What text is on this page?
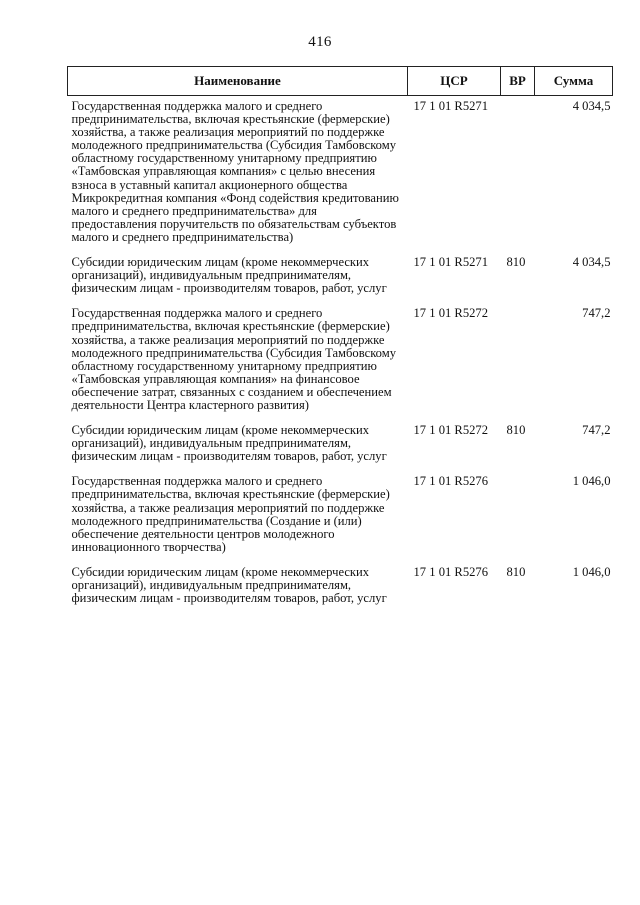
416
Наименование	ЦСР	ВР	Сумма
Государственная поддержка малого и среднего предпринимательства, включая крестьянские (фермерские) хозяйства, а также реализация мероприятий по поддержке молодежного предпринимательства (Субсидия Тамбовскому областному государственному унитарному предприятию «Тамбовская управляющая компания» с целью внесения взноса в уставный капитал акционерного общества Микрокредитная компания «Фонд содействия кредитованию малого и среднего предпринимательства» для предоставления поручительств по обязательствам субъектов малого и среднего предпринимательства)	17 1 01 R5271		4 034,5
Субсидии юридическим лицам (кроме некоммерческих организаций), индивидуальным предпринимателям, физическим лицам - производителям товаров, работ, услуг	17 1 01 R5271	810	4 034,5
Государственная поддержка малого и среднего предпринимательства, включая крестьянские (фермерские) хозяйства, а также реализация мероприятий по поддержке молодежного предпринимательства (Субсидия Тамбовскому областному государственному унитарному предприятию «Тамбовская управляющая компания» на финансовое обеспечение затрат, связанных с созданием и обеспечением деятельности Центра кластерного развития)	17 1 01 R5272		747,2
Субсидии юридическим лицам (кроме некоммерческих организаций), индивидуальным предпринимателям, физическим лицам - производителям товаров, работ, услуг	17 1 01 R5272	810	747,2
Государственная поддержка малого и среднего предпринимательства, включая крестьянские (фермерские) хозяйства, а также реализация мероприятий по поддержке молодежного предпринимательства (Создание и (или) обеспечение деятельности центров молодежного инновационного творчества)	17 1 01 R5276		1 046,0
Субсидии юридическим лицам (кроме некоммерческих организаций), индивидуальным предпринимателям, физическим лицам - производителям товаров, работ, услуг	17 1 01 R5276	810	1 046,0
